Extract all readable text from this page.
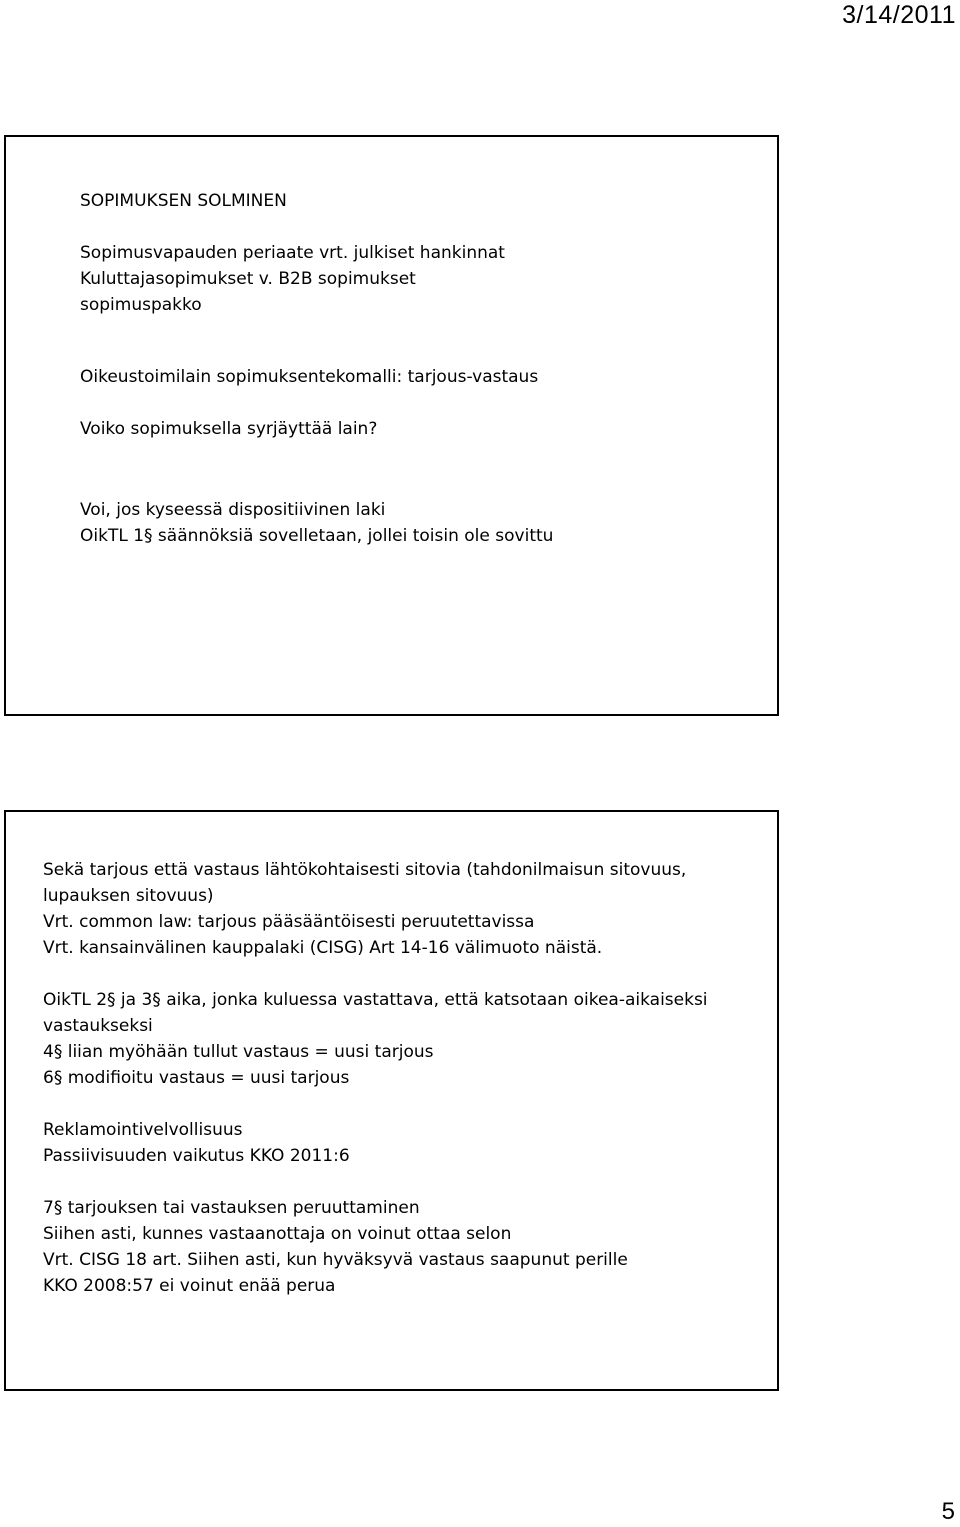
3/14/2011
SOPIMUKSEN SOLMINEN
Sopimusvapauden periaate vrt. julkiset hankinnat
Kuluttajasopimukset v. B2B sopimukset
sopimuspakko
Oikeustoimilain sopimuksentekomalli: tarjous-vastaus
Voiko sopimuksella syrjäyttää lain?
Voi, jos kyseessä dispositiivinen laki
OikTL 1§ säännöksiä sovelletaan, jollei toisin ole sovittu
Sekä tarjous että vastaus lähtökohtaisesti sitovia (tahdonilmaisun sitovuus,
lupauksen sitovuus)
Vrt. common law: tarjous pääsääntöisesti peruutettavissa
Vrt. kansainvälinen kauppalaki (CISG) Art 14-16 välimuoto näistä.
OikTL 2§ ja 3§ aika, jonka kuluessa vastattava, että katsotaan oikea-aikaiseksi
vastaukseksi
4§ liian myöhään tullut vastaus = uusi tarjous
6§ modifioitu vastaus = uusi tarjous
Reklamointivelvollisuus
Passiivisuuden vaikutus KKO 2011:6
7§ tarjouksen tai vastauksen peruuttaminen
Siihen asti, kunnes vastaanottaja on voinut ottaa selon
Vrt. CISG 18 art. Siihen asti, kun hyväksyvä vastaus saapunut perille
KKO 2008:57 ei voinut enää perua
5
